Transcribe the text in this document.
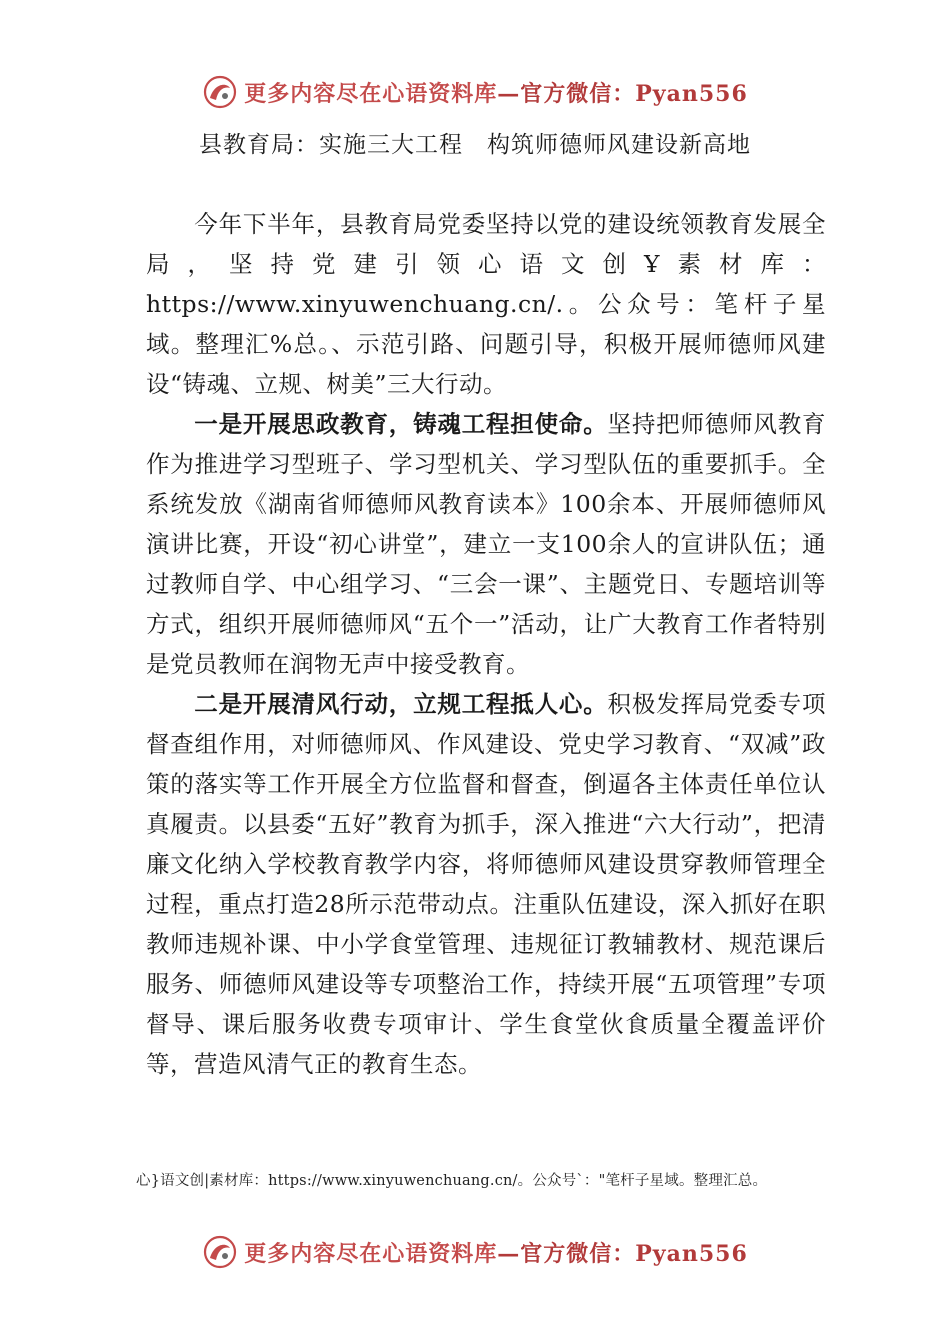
更多内容尽在心语资料库—官方微信：Pyan556
县教育局：实施三大工程　构筑师德师风建设新高地

今年下半年，县教育局党委坚持以党的建设统领教育发展全局，坚持党建引领心语文创Ұ素材库：https://www.xinyuwenchuang.cn/.。公众号：笔杆子星域。整理汇%总。、示范引路、问题引导，积极开展师德师风建设“铸魂、立规、树美”三大行动。

一是开展思政教育，铸魂工程担使命。坚持把师德师风教育作为推进学习型班子、学习型机关、学习型队伍的重要抓手。全系统发放《湖南省师德师风教育读本》100余本、开展师德师风演讲比赛，开设“初心讲堂”，建立一支100余人的宣讲队伍；通过教师自学、中心组学习、“三会一课”、主题党日、专题培训等方式，组织开展师德师风“五个一”活动，让广大教育工作者特别是党员教师在润物无声中接受教育。

二是开展清风行动，立规工程抵人心。积极发挥局党委专项督查组作用，对师德师风、作风建设、党史学习教育、“双减”政策的落实等工作开展全方位监督和督查，倒逼各主体责任单位认真履责。以县委“五好”教育为抓手，深入推进“六大行动”，把清廉文化纳入学校教育教学内容，将师德师风建设贯穿教师管理全过程，重点打造28所示范带动点。注重队伍建设，深入抓好在职教师违规补课、中小学食堂管理、违规征订教辅教材、规范课后服务、师德师风建设等专项整治工作，持续开展“五项管理”专项督导、课后服务收费专项审计、学生食堂伙食质量全覆盖评价等，营造风清气正的教育生态。

心}语文创|素材库：https://www.xinyuwenchuang.cn/。公众号`："笔杆子星域。整理汇总。
更多内容尽在心语资料库—官方微信：Pyan556
